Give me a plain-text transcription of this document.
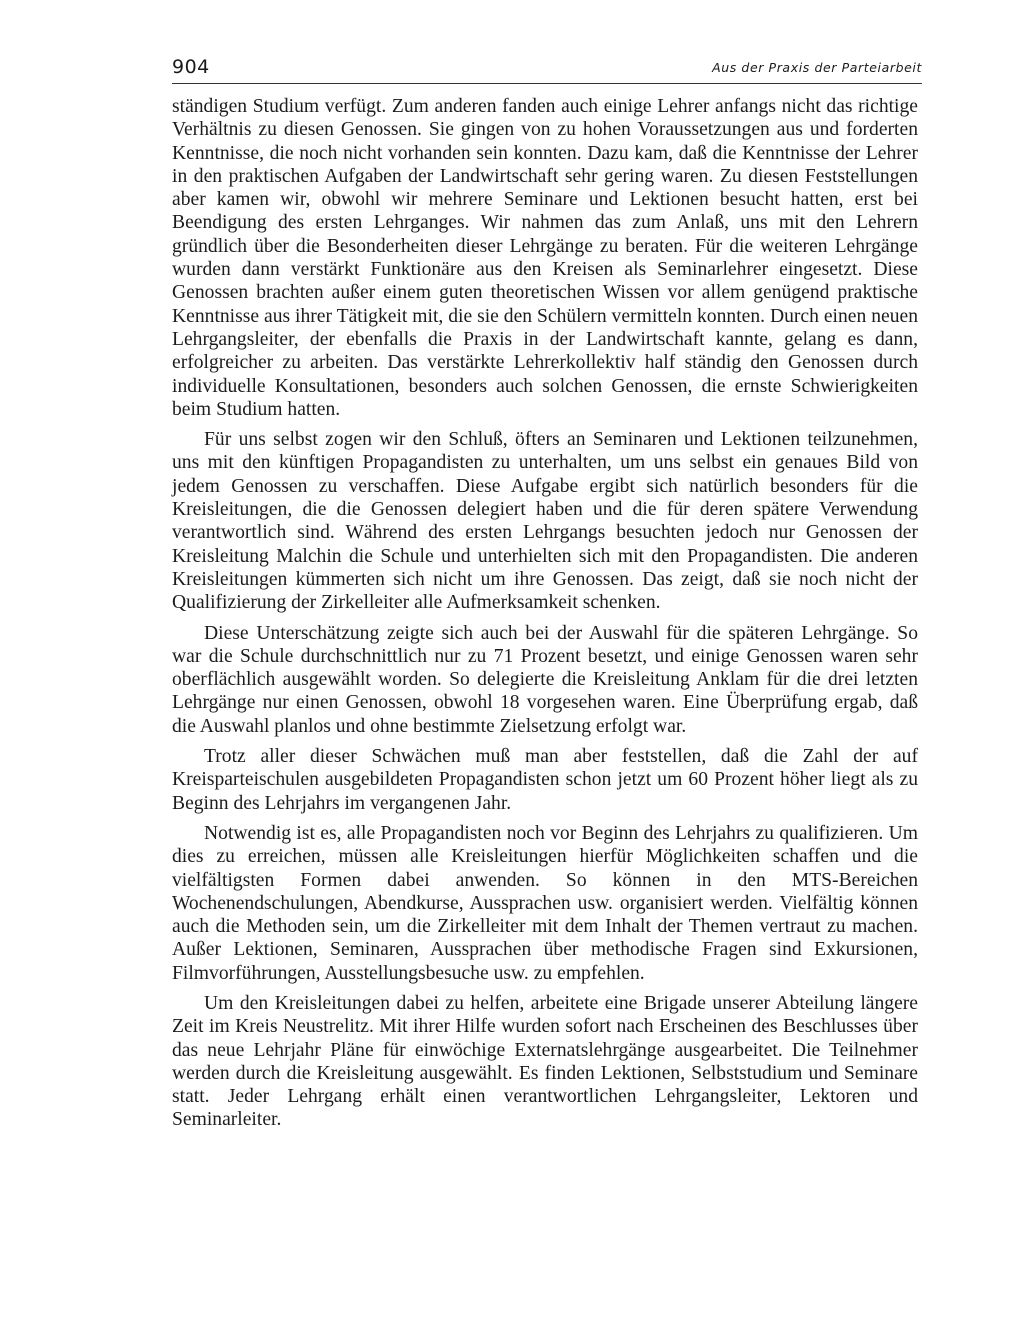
904	Aus der Praxis der Parteiarbeit

ständigen Studium verfügt. Zum anderen fanden auch einige Lehrer anfangs nicht das richtige Verhältnis zu diesen Genossen. Sie gingen von zu hohen Voraussetzungen aus und forderten Kenntnisse, die noch nicht vorhanden sein konnten. Dazu kam, daß die Kenntnisse der Lehrer in den praktischen Aufgaben der Landwirtschaft sehr gering waren. Zu diesen Feststellungen aber kamen wir, obwohl wir mehrere Seminare und Lektionen besucht hatten, erst bei Beendigung des ersten Lehrganges. Wir nahmen das zum Anlaß, uns mit den Lehrern gründlich über die Besonderheiten dieser Lehrgänge zu beraten. Für die weiteren Lehrgänge wurden dann verstärkt Funktionäre aus den Kreisen als Seminarlehrer eingesetzt. Diese Genossen brachten außer einem guten theoretischen Wissen vor allem genügend praktische Kenntnisse aus ihrer Tätigkeit mit, die sie den Schülern vermitteln konnten. Durch einen neuen Lehrgangsleiter, der ebenfalls die Praxis in der Landwirtschaft kannte, gelang es dann, erfolgreicher zu arbeiten. Das verstärkte Lehrerkollektiv half ständig den Genossen durch individuelle Konsultationen, besonders auch solchen Genossen, die ernste Schwierigkeiten beim Studium hatten.

Für uns selbst zogen wir den Schluß, öfters an Seminaren und Lektionen teilzunehmen, uns mit den künftigen Propagandisten zu unterhalten, um uns selbst ein genaues Bild von jedem Genossen zu verschaffen. Diese Aufgabe ergibt sich natürlich besonders für die Kreisleitungen, die die Genossen delegiert haben und die für deren spätere Verwendung verantwortlich sind. Während des ersten Lehrgangs besuchten jedoch nur Genossen der Kreisleitung Malchin die Schule und unterhielten sich mit den Propagandisten. Die anderen Kreisleitungen kümmerten sich nicht um ihre Genossen. Das zeigt, daß sie noch nicht der Qualifizierung der Zirkelleiter alle Aufmerksamkeit schenken.

Diese Unterschätzung zeigte sich auch bei der Auswahl für die späteren Lehrgänge. So war die Schule durchschnittlich nur zu 71 Prozent besetzt, und einige Genossen waren sehr oberflächlich ausgewählt worden. So delegierte die Kreisleitung Anklam für die drei letzten Lehrgänge nur einen Genossen, obwohl 18 vorgesehen waren. Eine Überprüfung ergab, daß die Auswahl planlos und ohne bestimmte Zielsetzung erfolgt war.

Trotz aller dieser Schwächen muß man aber feststellen, daß die Zahl der auf Kreisparteischulen ausgebildeten Propagandisten schon jetzt um 60 Prozent höher liegt als zu Beginn des Lehrjahrs im vergangenen Jahr.

Notwendig ist es, alle Propagandisten noch vor Beginn des Lehrjahrs zu qualifizieren. Um dies zu erreichen, müssen alle Kreisleitungen hierfür Möglichkeiten schaffen und die vielfältigsten Formen dabei anwenden. So können in den MTS-Bereichen Wochenendschulungen, Abendkurse, Aussprachen usw. organisiert werden. Vielfältig können auch die Methoden sein, um die Zirkelleiter mit dem Inhalt der Themen vertraut zu machen. Außer Lektionen, Seminaren, Aussprachen über methodische Fragen sind Exkursionen, Filmvorführungen, Ausstellungsbesuche usw. zu empfehlen.

Um den Kreisleitungen dabei zu helfen, arbeitete eine Brigade unserer Abteilung längere Zeit im Kreis Neustrelitz. Mit ihrer Hilfe wurden sofort nach Erscheinen des Beschlusses über das neue Lehrjahr Pläne für einwöchige Externatslehrgänge ausgearbeitet. Die Teilnehmer werden durch die Kreisleitung ausgewählt. Es finden Lektionen, Selbststudium und Seminare statt. Jeder Lehrgang erhält einen verantwortlichen Lehrgangsleiter, Lektoren und Seminarleiter.
